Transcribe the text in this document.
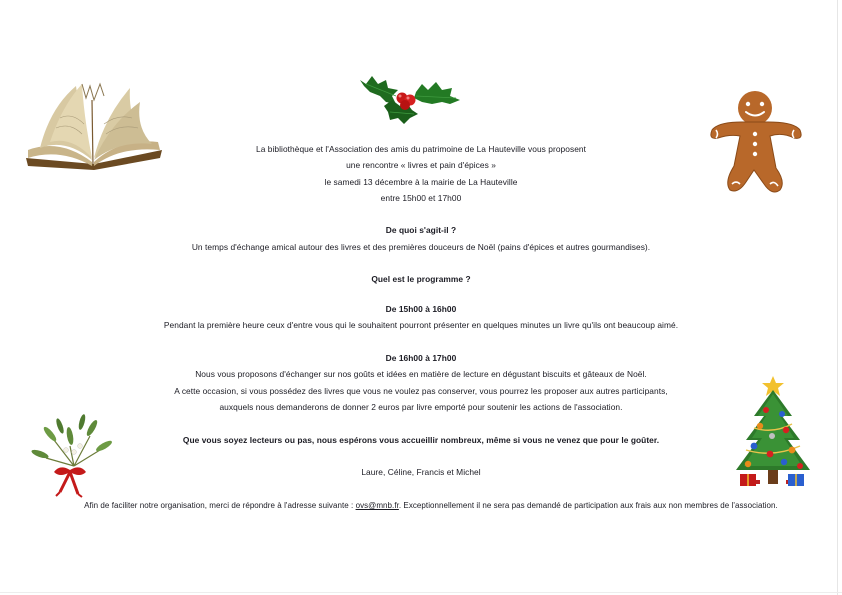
La bibliothèque et l'Association des amis du patrimoine de La Hauteville vous proposent
une rencontre « livres et pain d'épices »
le samedi 13 décembre à la mairie de La Hauteville
entre 15h00 et 17h00
De quoi s'agit-il ?
Un temps d'échange amical autour des livres et des premières douceurs de Noël (pains d'épices et autres gourmandises).
Quel est le programme ?
De 15h00 à 16h00
Pendant la première heure ceux d'entre vous qui le souhaitent pourront présenter en quelques minutes un livre qu'ils ont beaucoup aimé.
De 16h00 à 17h00
Nous vous proposons d'échanger sur nos goûts et idées en matière de lecture en dégustant biscuits et gâteaux de Noël.
A cette occasion, si vous possédez des livres que vous ne voulez pas conserver, vous pourrez les proposer aux autres participants,
auxquels nous demanderons de donner 2 euros par livre emporté pour soutenir les actions de l'association.
Que vous soyez lecteurs ou pas, nous espérons vous accueillir nombreux, même si vous ne venez que pour le goûter.
Laure, Céline, Francis et Michel
Afin de faciliter notre organisation, merci de répondre à l'adresse suivante : ovs@mnb.fr. Exceptionnellement il ne sera pas demandé de participation aux frais aux non membres de l'association.
